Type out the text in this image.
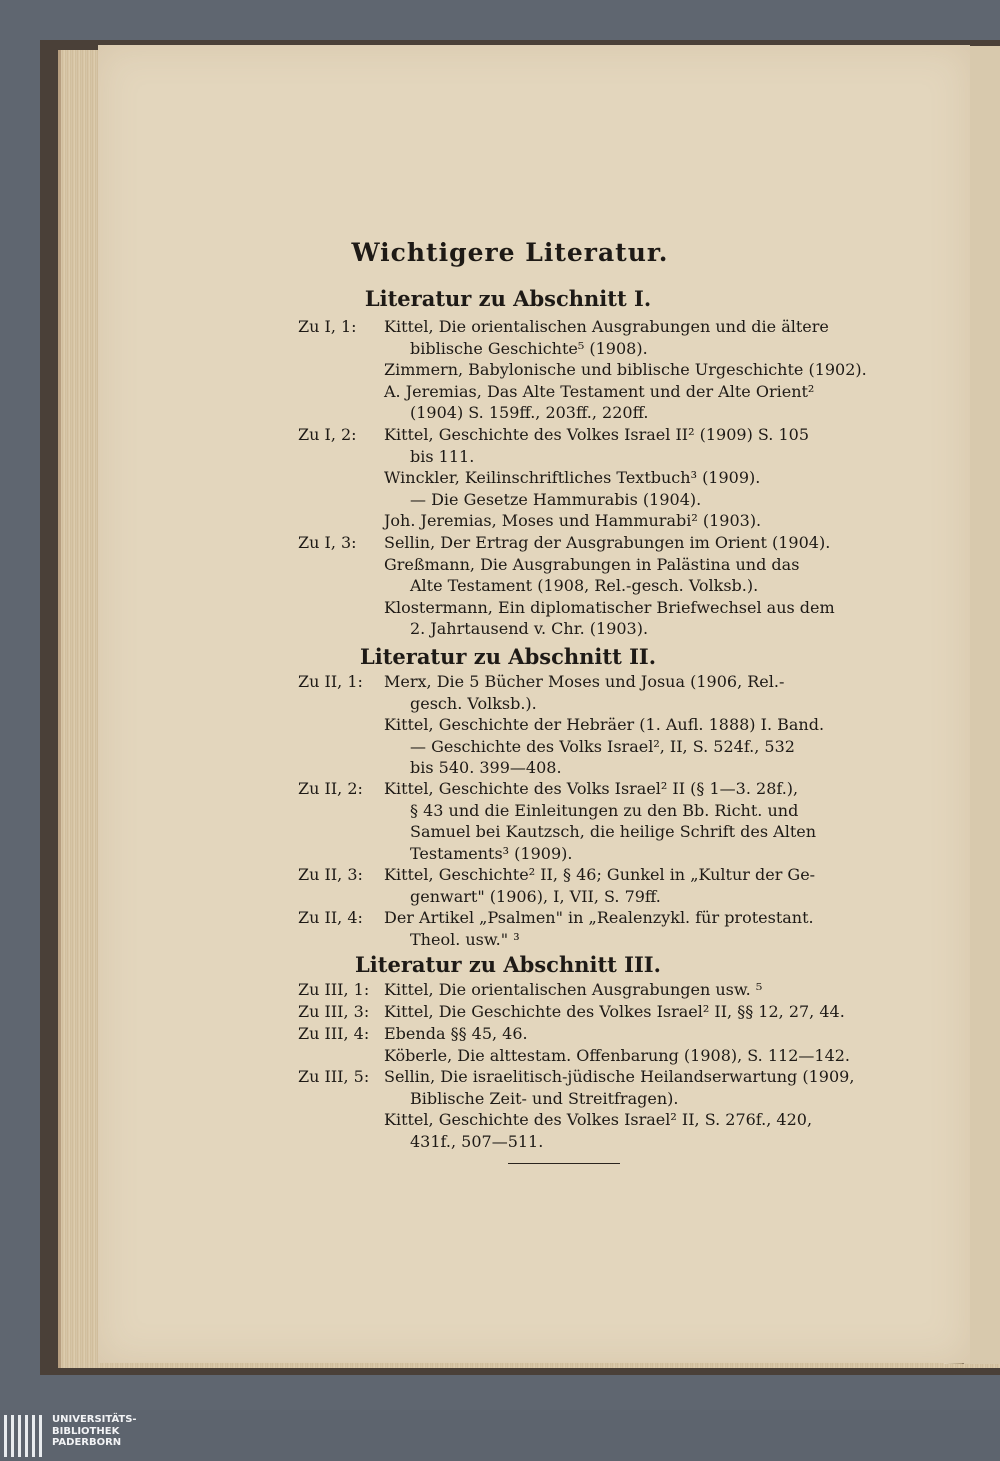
Wichtigere Literatur.
Literatur zu Abschnitt I.
Zu I, 1: Kittel, Die orientalischen Ausgrabungen und die ältere
biblische Geschichte⁵ (1908).
Zimmern, Babylonische und biblische Urgeschichte (1902).
A. Jeremias, Das Alte Testament und der Alte Orient²
(1904) S. 159ff., 203ff., 220ff.
Zu I, 2: Kittel, Geschichte des Volkes Israel II² (1909) S. 105
bis 111.
Winckler, Keilinschriftliches Textbuch³ (1909).
— Die Gesetze Hammurabis (1904).
Joh. Jeremias, Moses und Hammurabi² (1903).
Zu I, 3: Sellin, Der Ertrag der Ausgrabungen im Orient (1904).
Greßmann, Die Ausgrabungen in Palästina und das
Alte Testament (1908, Rel.-gesch. Volksb.).
Klostermann, Ein diplomatischer Briefwechsel aus dem
2. Jahrtausend v. Chr. (1903).
Literatur zu Abschnitt II.
Zu II, 1: Merx, Die 5 Bücher Moses und Josua (1906, Rel.-
gesch. Volksb.).
Kittel, Geschichte der Hebräer (1. Aufl. 1888) I. Band.
— Geschichte des Volks Israel², II, S. 524f., 532
bis 540. 399—408.
Zu II, 2: Kittel, Geschichte des Volks Israel² II (§ 1—3. 28f.),
§ 43 und die Einleitungen zu den Bb. Richt. und
Samuel bei Kautzsch, die heilige Schrift des Alten
Testaments³ (1909).
Zu II, 3: Kittel, Geschichte² II, § 46; Gunkel in „Kultur der Ge-
genwart" (1906), I, VII, S. 79ff.
Zu II, 4: Der Artikel „Psalmen" in „Realenzykl. für protestant.
Theol. usw." ³
Literatur zu Abschnitt III.
Zu III, 1: Kittel, Die orientalischen Ausgrabungen usw. ⁵
Zu III, 3: Kittel, Die Geschichte des Volkes Israel² II, §§ 12, 27, 44.
Zu III, 4: Ebenda §§ 45, 46.
Köberle, Die alttestam. Offenbarung (1908), S. 112—142.
Zu III, 5: Sellin, Die israelitisch-jüdische Heilandserwartung (1909,
Biblische Zeit- und Streitfragen).
Kittel, Geschichte des Volkes Israel² II, S. 276f., 420,
431f., 507—511.
UNIVERSITÄTS-
BIBLIOTHEK
PADERBORN
